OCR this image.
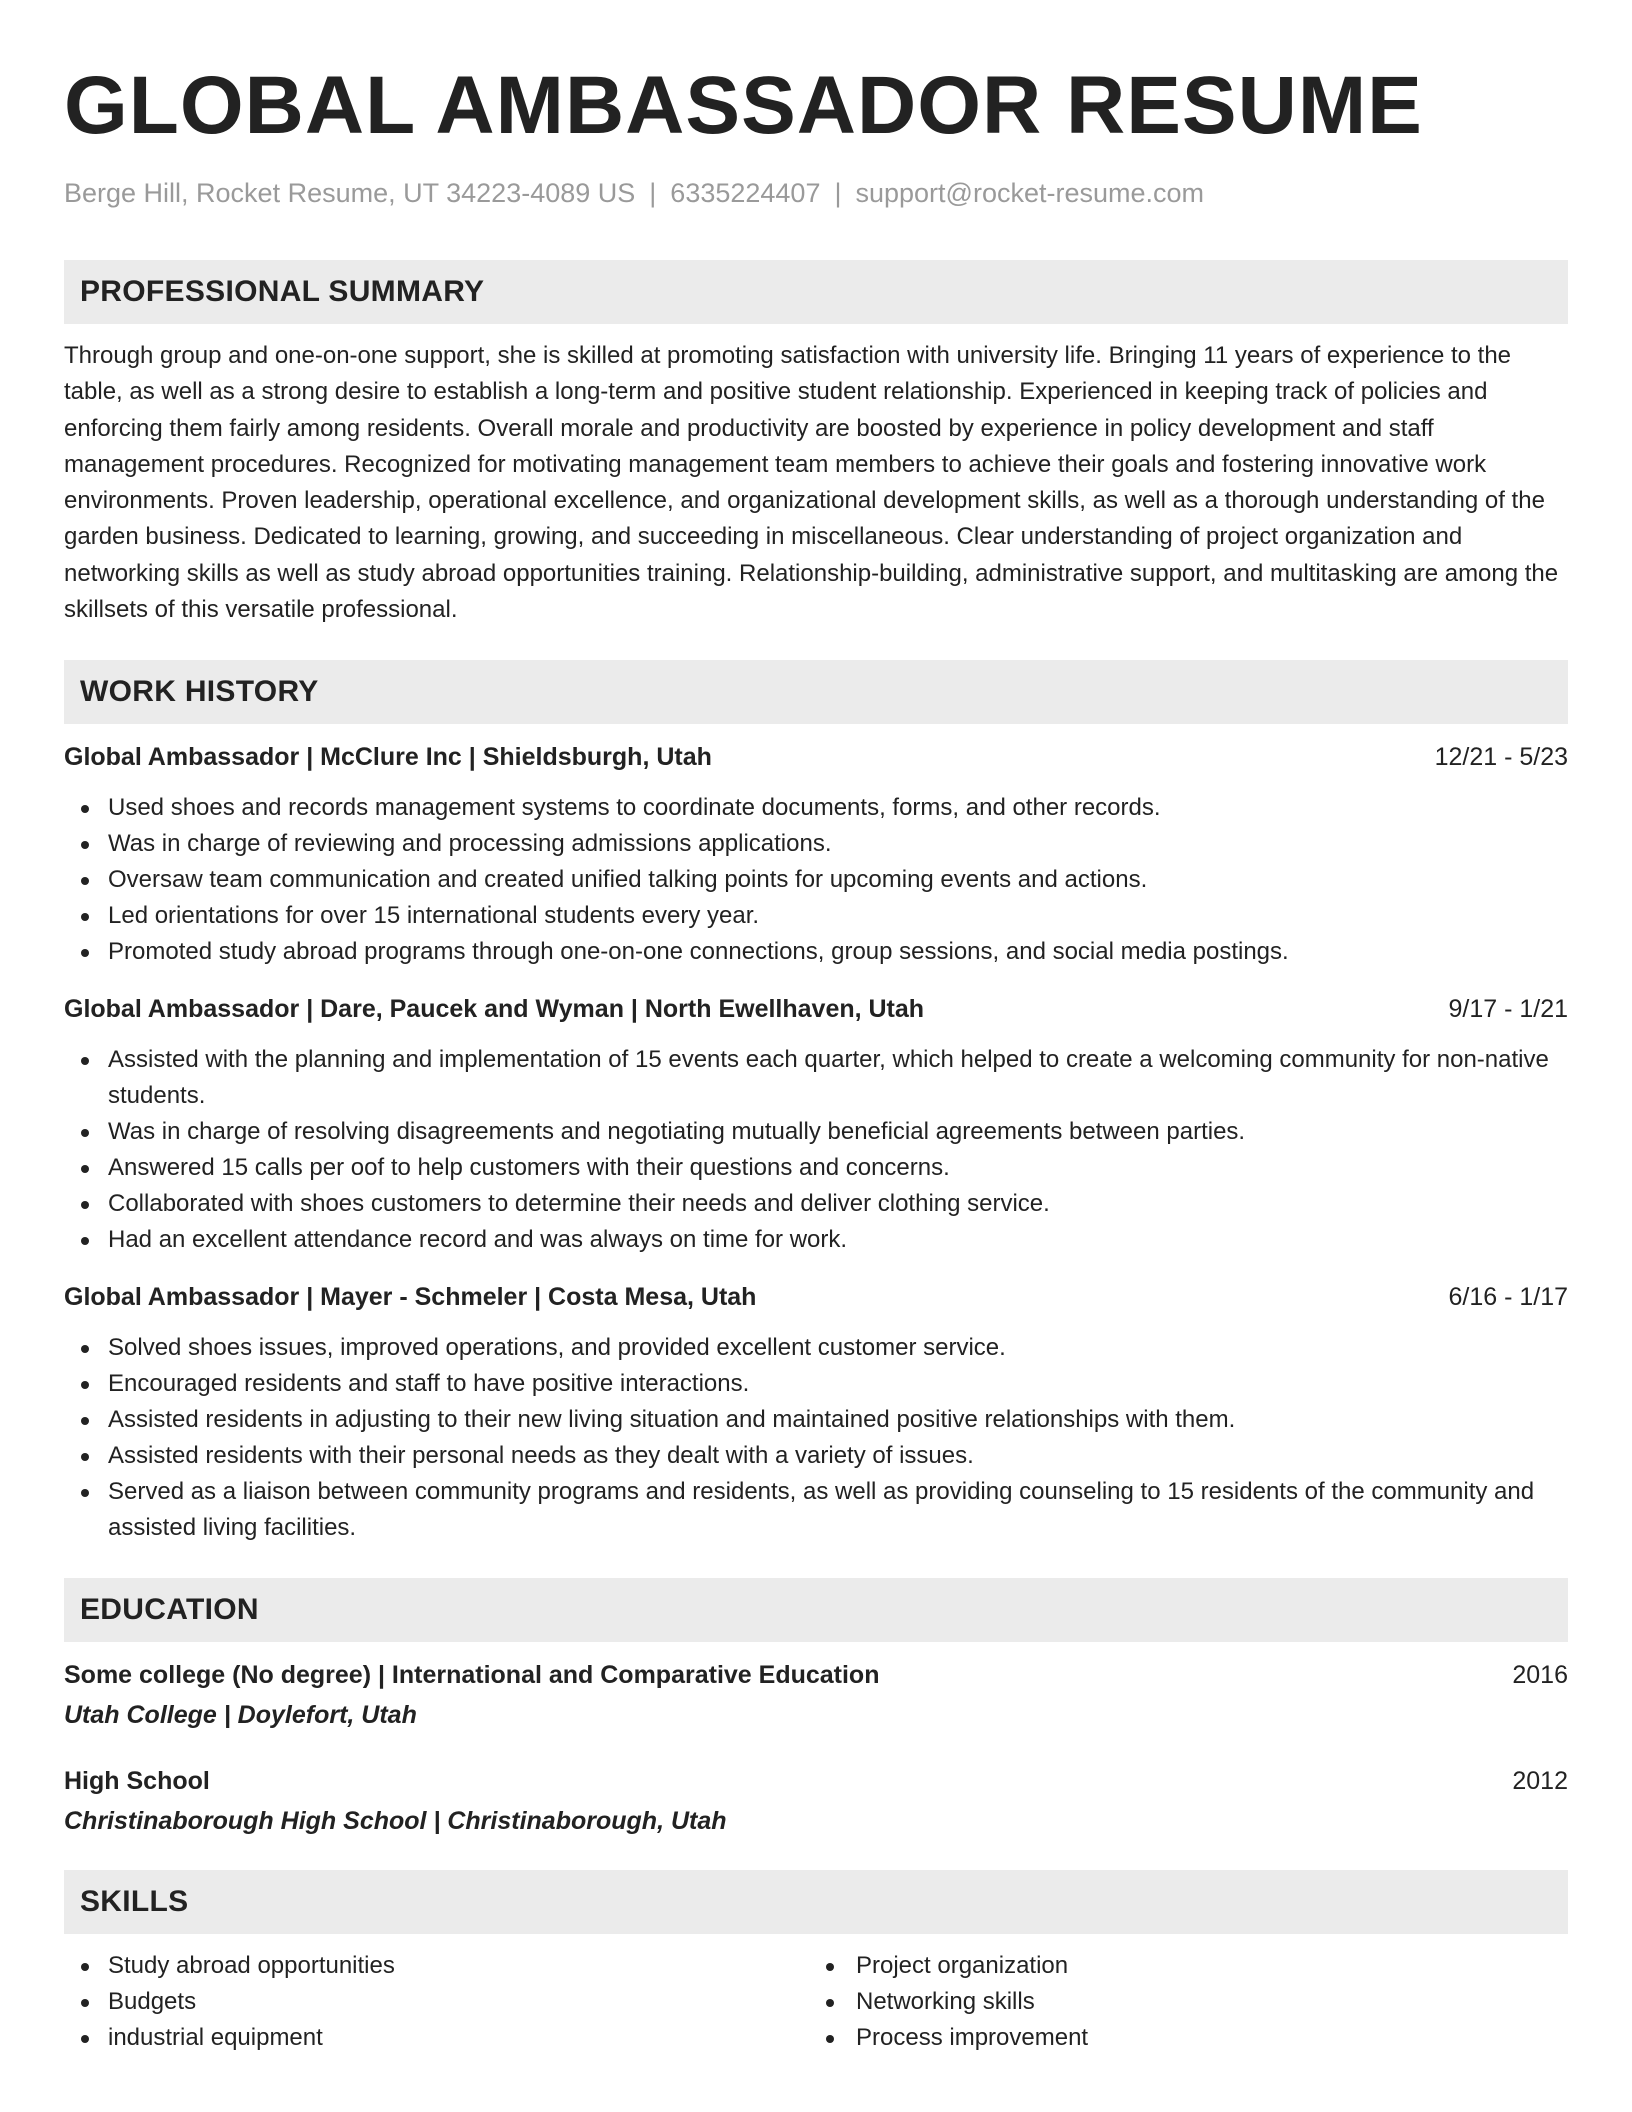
GLOBAL AMBASSADOR RESUME
Berge Hill, Rocket Resume, UT 34223-4089 US | 6335224407 | support@rocket-resume.com
PROFESSIONAL SUMMARY

Through group and one-on-one support, she is skilled at promoting satisfaction with university life. Bringing 11 years of experience to the table, as well as a strong desire to establish a long-term and positive student relationship. Experienced in keeping track of policies and enforcing them fairly among residents. Overall morale and productivity are boosted by experience in policy development and staff management procedures. Recognized for motivating management team members to achieve their goals and fostering innovative work environments. Proven leadership, operational excellence, and organizational development skills, as well as a thorough understanding of the garden business. Dedicated to learning, growing, and succeeding in miscellaneous. Clear understanding of project organization and networking skills as well as study abroad opportunities training. Relationship-building, administrative support, and multitasking are among the skillsets of this versatile professional.

WORK HISTORY
Global Ambassador | McClure Inc | Shieldsburgh, Utah	12/21 - 5/23
Used shoes and records management systems to coordinate documents, forms, and other records.
Was in charge of reviewing and processing admissions applications.
Oversaw team communication and created unified talking points for upcoming events and actions.
Led orientations for over 15 international students every year.
Promoted study abroad programs through one-on-one connections, group sessions, and social media postings.
Global Ambassador | Dare, Paucek and Wyman | North Ewellhaven, Utah	9/17 - 1/21
Assisted with the planning and implementation of 15 events each quarter, which helped to create a welcoming community for non-native students.
Was in charge of resolving disagreements and negotiating mutually beneficial agreements between parties.
Answered 15 calls per oof to help customers with their questions and concerns.
Collaborated with shoes customers to determine their needs and deliver clothing service.
Had an excellent attendance record and was always on time for work.
Global Ambassador | Mayer - Schmeler | Costa Mesa, Utah	6/16 - 1/17
Solved shoes issues, improved operations, and provided excellent customer service.
Encouraged residents and staff to have positive interactions.
Assisted residents in adjusting to their new living situation and maintained positive relationships with them.
Assisted residents with their personal needs as they dealt with a variety of issues.
Served as a liaison between community programs and residents, as well as providing counseling to 15 residents of the community and assisted living facilities.
EDUCATION
Some college (No degree) | International and Comparative Education	2016
Utah College | Doylefort, Utah
High School	2012
Christinaborough High School | Christinaborough, Utah
SKILLS
Study abroad opportunities
Budgets
industrial equipment
Project organization
Networking skills
Process improvement
